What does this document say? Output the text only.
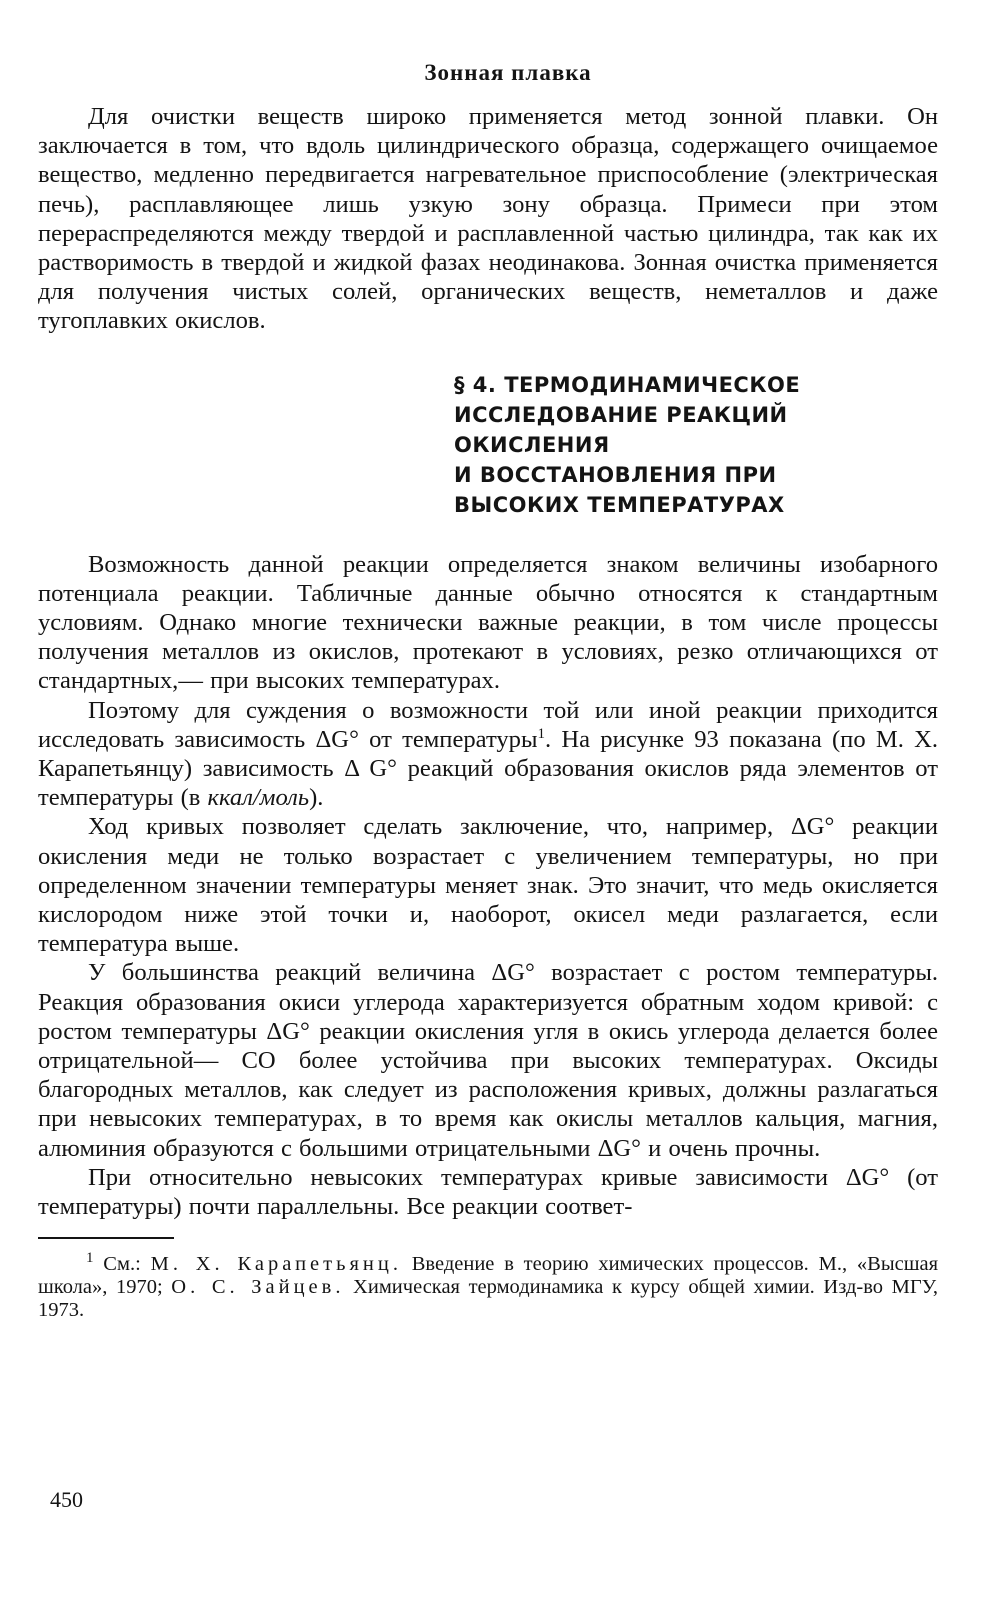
Зонная плавка

Для очистки веществ широко применяется метод зонной плавки. Он заключается в том, что вдоль цилиндрического образца, содержащего очищаемое вещество, медленно передвигается нагревательное приспособление (электрическая печь), расплавляющее лишь узкую зону образца. Примеси при этом перераспределяются между твердой и расплавленной частью цилиндра, так как их растворимость в твердой и жидкой фазах неодинакова. Зонная очистка применяется для получения чистых солей, органических веществ, неметаллов и даже тугоплавких окислов.

§ 4. ТЕРМОДИНАМИЧЕСКОЕ
ИССЛЕДОВАНИЕ РЕАКЦИЙ
ОКИСЛЕНИЯ
И ВОССТАНОВЛЕНИЯ ПРИ
ВЫСОКИХ ТЕМПЕРАТУРАХ

Возможность данной реакции определяется знаком величины изобарного потенциала реакции. Табличные данные обычно относятся к стандартным условиям. Однако многие технически важные реакции, в том числе процессы получения металлов из окислов, протекают в условиях, резко отличающихся от стандартных,— при высоких температурах.

Поэтому для суждения о возможности той или иной реакции приходится исследовать зависимость ΔG° от температуры$^1$. На рисунке 93 показана (по М. Х. Карапетьянцу) зависимость Δ G° реакций образования окислов ряда элементов от температуры (в ккал/моль).

Ход кривых позволяет сделать заключение, что, например, ΔG° реакции окисления меди не только возрастает с увеличением температуры, но при определенном значении температуры меняет знак. Это значит, что медь окисляется кислородом ниже этой точки и, наоборот, окисел меди разлагается, если температура выше.

У большинства реакций величина ΔG° возрастает с ростом температуры. Реакция образования окиси углерода характеризуется обратным ходом кривой: с ростом температуры ΔG° реакции окисления угля в окись углерода делается более отрицательной— CO более устойчива при высоких температурах. Оксиды благородных металлов, как следует из расположения кривых, должны разлагаться при невысоких температурах, в то время как окислы металлов кальция, магния, алюминия образуются с большими отрицательными ΔG° и очень прочны.

При относительно невысоких температурах кривые зависимости ΔG° (от температуры) почти параллельны. Все реакции соответ-

$^1$ См.: М. Х. Карапетьянц. Введение в теорию химических процессов. М., «Высшая школа», 1970; О. С. Зайцев. Химическая термодинамика к курсу общей химии. Изд-во МГУ, 1973.

450
